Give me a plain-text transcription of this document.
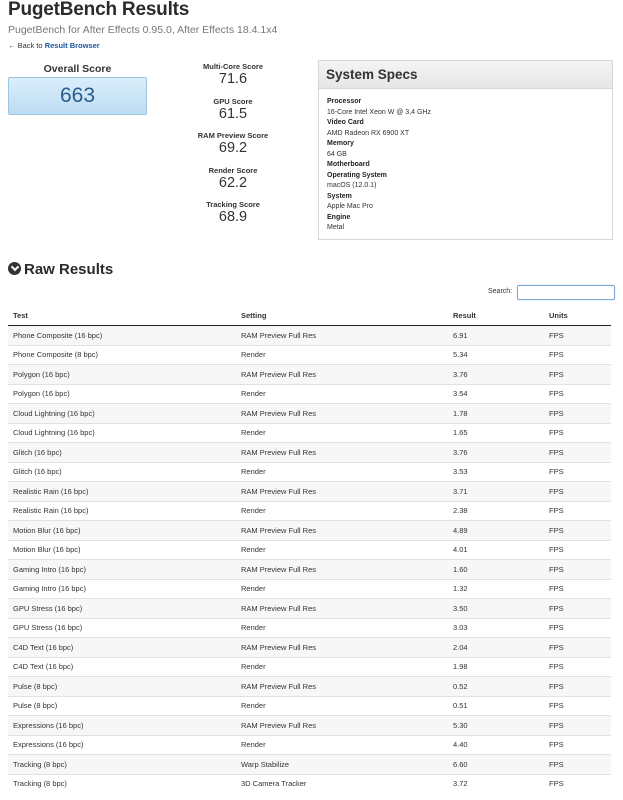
PugetBench Results
PugetBench for After Effects 0.95.0, After Effects 18.4.1x4
← Back to Result Browser
Overall Score
663
Multi-Core Score
71.6
GPU Score
61.5
RAM Preview Score
69.2
Render Score
62.2
Tracking Score
68.9
System Specs
Processor
16-Core Intel Xeon W @ 3,4 GHz
Video Card
AMD Radeon RX 6900 XT
Memory
64 GB
Motherboard
Operating System
macOS (12.0.1)
System
Apple Mac Pro
Engine
Metal
Raw Results
Search:
Test	Setting	Result	Units
Phone Composite (16 bpc)	RAM Preview Full Res	6.91	FPS
Phone Composite (8 bpc)	Render	5.34	FPS
Polygon (16 bpc)	RAM Preview Full Res	3.76	FPS
Polygon (16 bpc)	Render	3.54	FPS
Cloud Lightning (16 bpc)	RAM Preview Full Res	1.78	FPS
Cloud Lightning (16 bpc)	Render	1.65	FPS
Glitch (16 bpc)	RAM Preview Full Res	3.76	FPS
Glitch (16 bpc)	Render	3.53	FPS
Realistic Rain (16 bpc)	RAM Preview Full Res	3.71	FPS
Realistic Rain (16 bpc)	Render	2.38	FPS
Motion Blur (16 bpc)	RAM Preview Full Res	4.89	FPS
Motion Blur (16 bpc)	Render	4.01	FPS
Gaming Intro (16 bpc)	RAM Preview Full Res	1.60	FPS
Gaming Intro (16 bpc)	Render	1.32	FPS
GPU Stress (16 bpc)	RAM Preview Full Res	3.50	FPS
GPU Stress (16 bpc)	Render	3.03	FPS
C4D Text (16 bpc)	RAM Preview Full Res	2.04	FPS
C4D Text (16 bpc)	Render	1.98	FPS
Pulse (8 bpc)	RAM Preview Full Res	0.52	FPS
Pulse (8 bpc)	Render	0.51	FPS
Expressions (16 bpc)	RAM Preview Full Res	5.30	FPS
Expressions (16 bpc)	Render	4.40	FPS
Tracking (8 bpc)	Warp Stabilize	6.60	FPS
Tracking (8 bpc)	3D Camera Tracker	3.72	FPS
